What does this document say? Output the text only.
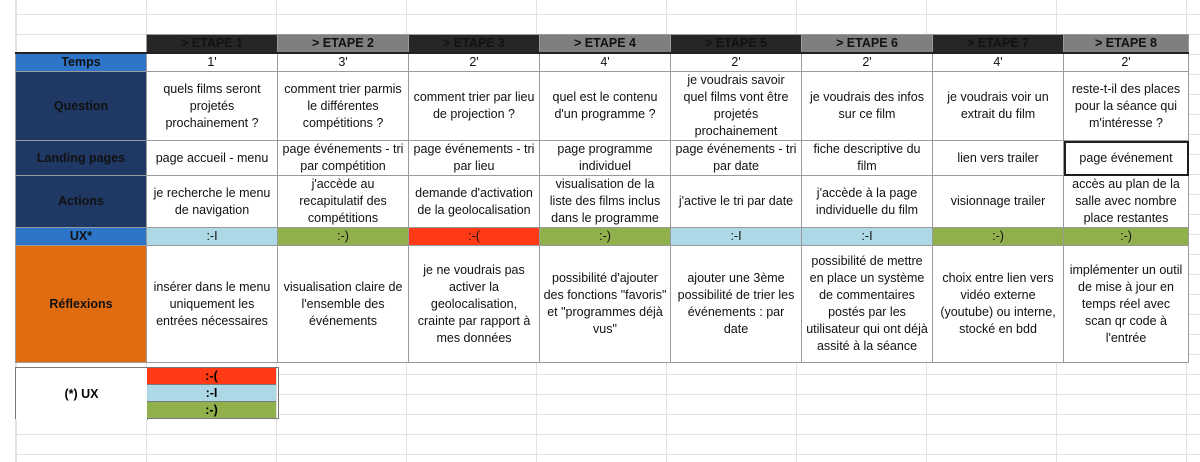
	> ETAPE 1	> ETAPE 2	> ETAPE 3	> ETAPE 4	> ETAPE 5	> ETAPE 6	> ETAPE 7	> ETAPE 8
Temps	1'	3'	2'	4'	2'	2'	4'	2'
Question	quels films seront projetés prochainement ?	comment trier parmis le différentes compétitions ?	comment trier par lieu de projection ?	quel est le contenu d'un programme ?	je voudrais savoir quel films vont être projetés prochainement	je voudrais des infos sur ce film	je voudrais voir un extrait du film	reste-t-il des places pour la séance qui m'intéresse ?
Landing pages	page accueil - menu	page événements - tri par compétition	page événements - tri par lieu	page programme individuel	page événements - tri par date	fiche descriptive du film	lien vers trailer	page événement
Actions	je recherche le menu de navigation	j'accède au recapitulatif des compétitions	demande d'activation de la geolocalisation	visualisation de la liste des films inclus dans le programme	j'active le tri par date	j'accède à la page individuelle du film	visionnage trailer	accès au plan de la salle avec nombre place restantes
UX*	:-I	:-)	:-(	:-)	:-I	:-I	:-)	:-)
Réflexions	insérer dans le menu uniquement les entrées nécessaires	visualisation claire de l'ensemble des événements	je ne voudrais pas activer la geolocalisation, crainte par rapport à mes données	possibilité d'ajouter des fonctions "favoris" et "programmes déjà vus"	ajouter une 3ème possibilité de trier les événements : par date	possibilité de mettre en place un système de commentaires postés par les utilisateur qui ont déjà assité à la séance	choix entre lien vers vidéo externe (youtube) ou interne, stocké en bdd	implémenter un outil de mise à jour en temps réel avec scan qr code à l'entrée
(*) UX
:-(
:-I
:-)
